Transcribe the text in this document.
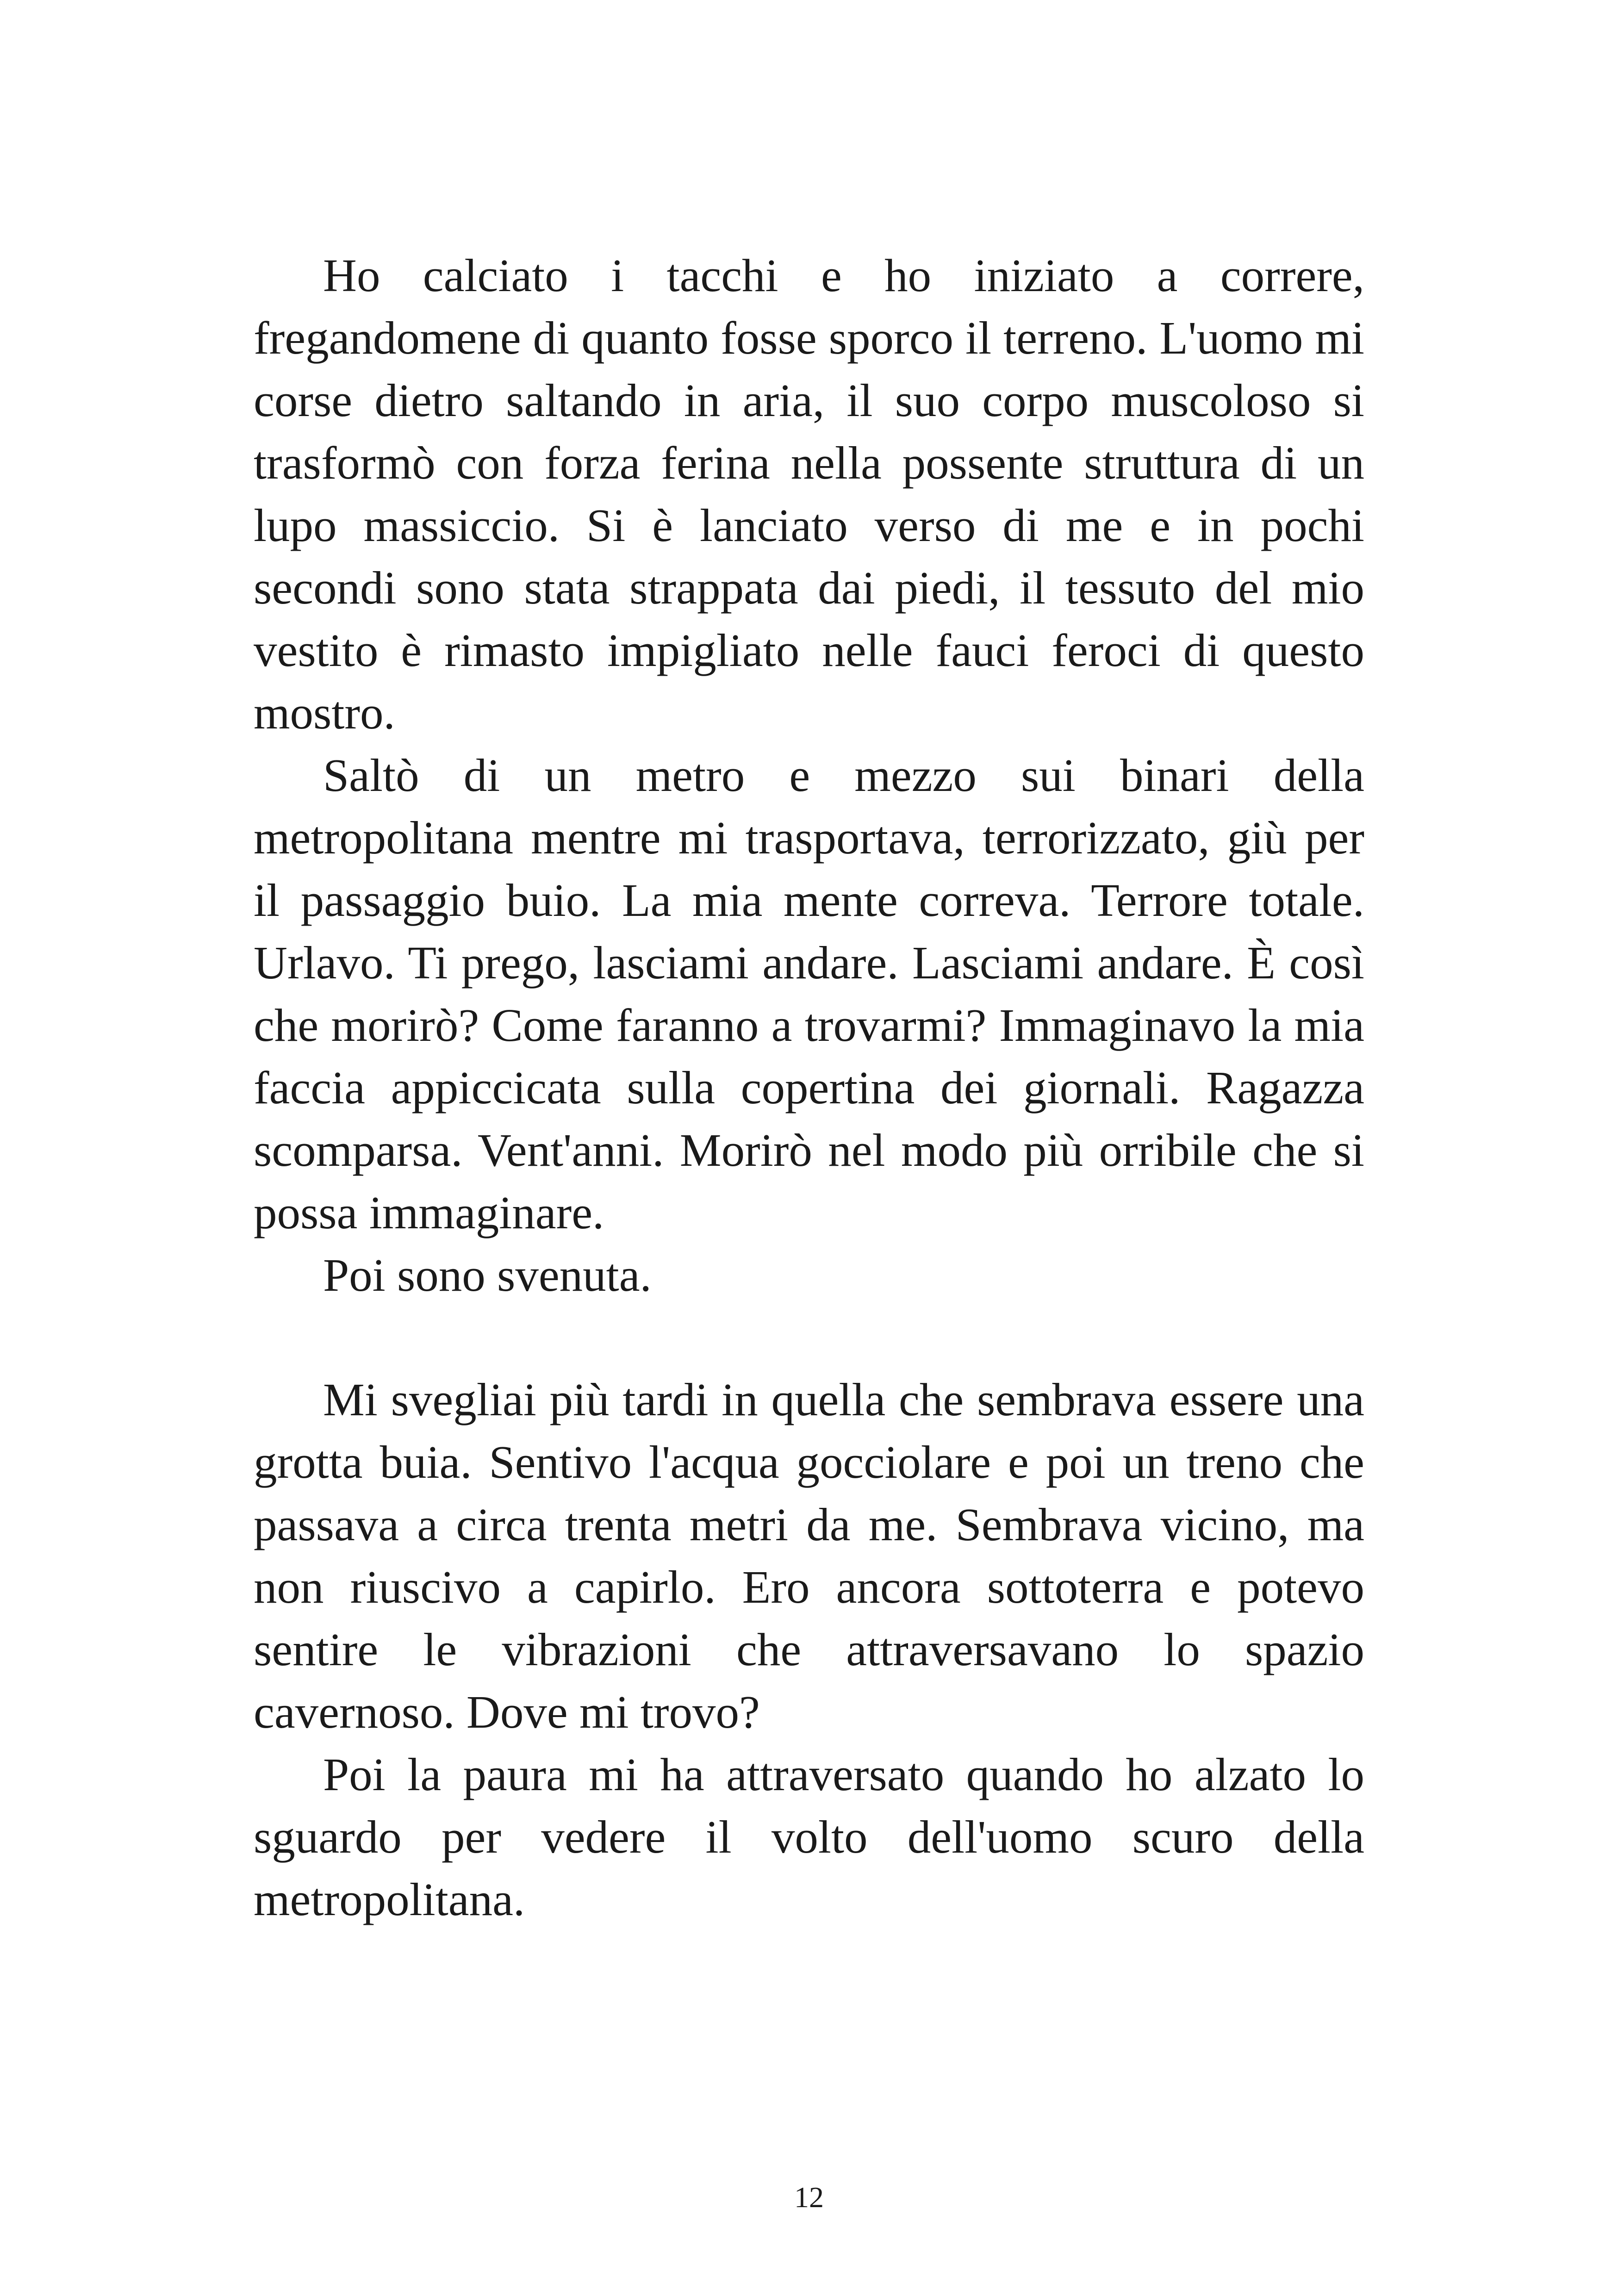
Ho calciato i tacchi e ho iniziato a correre, fregandomene di quanto fosse sporco il terreno. L'uomo mi corse dietro saltando in aria, il suo corpo muscoloso si trasformò con forza ferina nella possente struttura di un lupo massiccio. Si è lanciato verso di me e in pochi secondi sono stata strappata dai piedi, il tessuto del mio vestito è rimasto impigliato nelle fauci feroci di questo mostro.

Saltò di un metro e mezzo sui binari della metropolitana mentre mi trasportava, terrorizzato, giù per il passaggio buio. La mia mente correva. Terrore totale. Urlavo. Ti prego, lasciami andare. Lasciami andare. È così che morirò? Come faranno a trovarmi? Immaginavo la mia faccia appiccicata sulla copertina dei giornali. Ragazza scomparsa. Vent'anni. Morirò nel modo più orribile che si possa immaginare.

Poi sono svenuta.

Mi svegliai più tardi in quella che sembrava essere una grotta buia. Sentivo l'acqua gocciolare e poi un treno che passava a circa trenta metri da me. Sembrava vicino, ma non riuscivo a capirlo. Ero ancora sottoterra e potevo sentire le vibrazioni che attraversavano lo spazio cavernoso. Dove mi trovo?

Poi la paura mi ha attraversato quando ho alzato lo sguardo per vedere il volto dell'uomo scuro della metropolitana.

12
